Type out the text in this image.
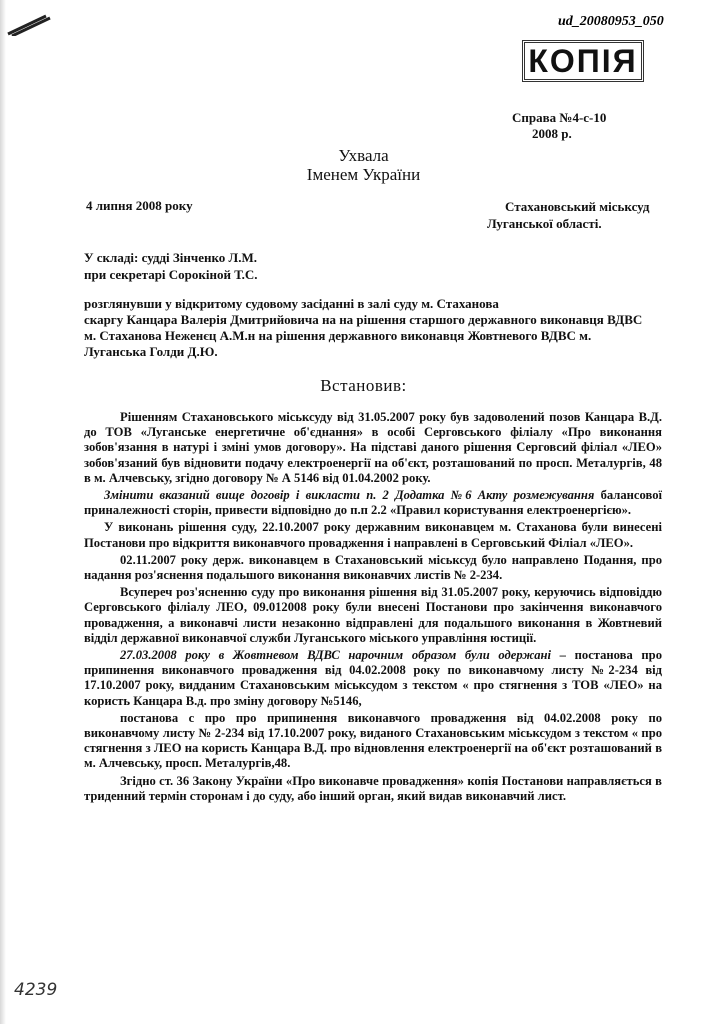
ud_20080953_050
КОПІЯ
Справа №4-с-10
2008 р.
Ухвала
Іменем України
4 липня 2008 року	Стахановський міськсуд
Луганської області.
У складі: судді Зінченко Л.М.
при секретарі Сорокіной Т.С.
розглянувши у відкритому судовому засіданні в залі суду м. Стаханова
скаргу Канцара Валерія Дмитрийовича на на рішення старшого державного виконавця ВДВС
м. Стаханова Неженєц А.М.н на рішення державного виконавця Жовтневого ВДВС м.
Луганська Голди Д.Ю.
Встановив:

Рішенням Стахановського міськсуду від 31.05.2007 року був задоволений позов Канцара В.Д. до ТОВ «Луганське енергетичне об'єднання» в особі Серговського філіалу «Про виконання зобов'язання в натурі і зміні умов договору». На підставі даного рішення Серговсий філіал «ЛЕО» зобов'язаний був відновити подачу електроенергії на об'єкт, розташований по просп. Металургів, 48 в м. Алчевську, згідно договору № А 5146 від 01.04.2002 року.

Змінити вказаний вище договір і викласти п. 2 Додатка №6 Акту розмежування балансової приналежності сторін, привести відповідно до п.п 2.2 «Правил користування електроенергією».

У виконань рішення суду, 22.10.2007 року державним виконавцем м. Стаханова були винесені Постанови про відкриття виконавчого провадження і направлені в Серговський Філіал «ЛЕО».

02.11.2007 року держ. виконавцем в Стахановський міськсуд було направлено Подання, про надання роз'яснення подальшого виконання виконавчих листів № 2-234.

Всупереч роз'ясненню суду про виконання рішення від 31.05.2007 року, керуючись відповіддю Серговського філіалу ЛЕО, 09.012008 року були внесені Постанови про закінчення виконавчого провадження, а виконавчі листи незаконно відправлені для подальшого виконання в Жовтневий відділ державної виконавчої служби Луганського міського управління юстиції.

27.03.2008 року в Жовтневом ВДВС нарочним образом були одержані – постанова про припинення виконавчого провадження від 04.02.2008 року по виконавчому листу №2-234 від 17.10.2007 року, видданим Стахановським міськсудом з текстом « про стягнення з ТОВ «ЛЕО» на користь Канцара В.д. про зміну договору №5146,

постанова с про про припинення виконавчого провадження від 04.02.2008 року по виконавчому листу № 2-234 від 17.10.2007 року, виданого Стахановським міськсудом з текстом « про стягнення з ЛЕО на користь Канцара В.Д. про відновлення електроенергії на об'єкт розташований в м. Алчевську, просп. Металургів,48.

Згідно ст. 36 Закону України «Про виконавче провадження» копія Постанови направляється в триденний термін сторонам і до суду, або інший орган, який видав виконавчий лист.

4239
